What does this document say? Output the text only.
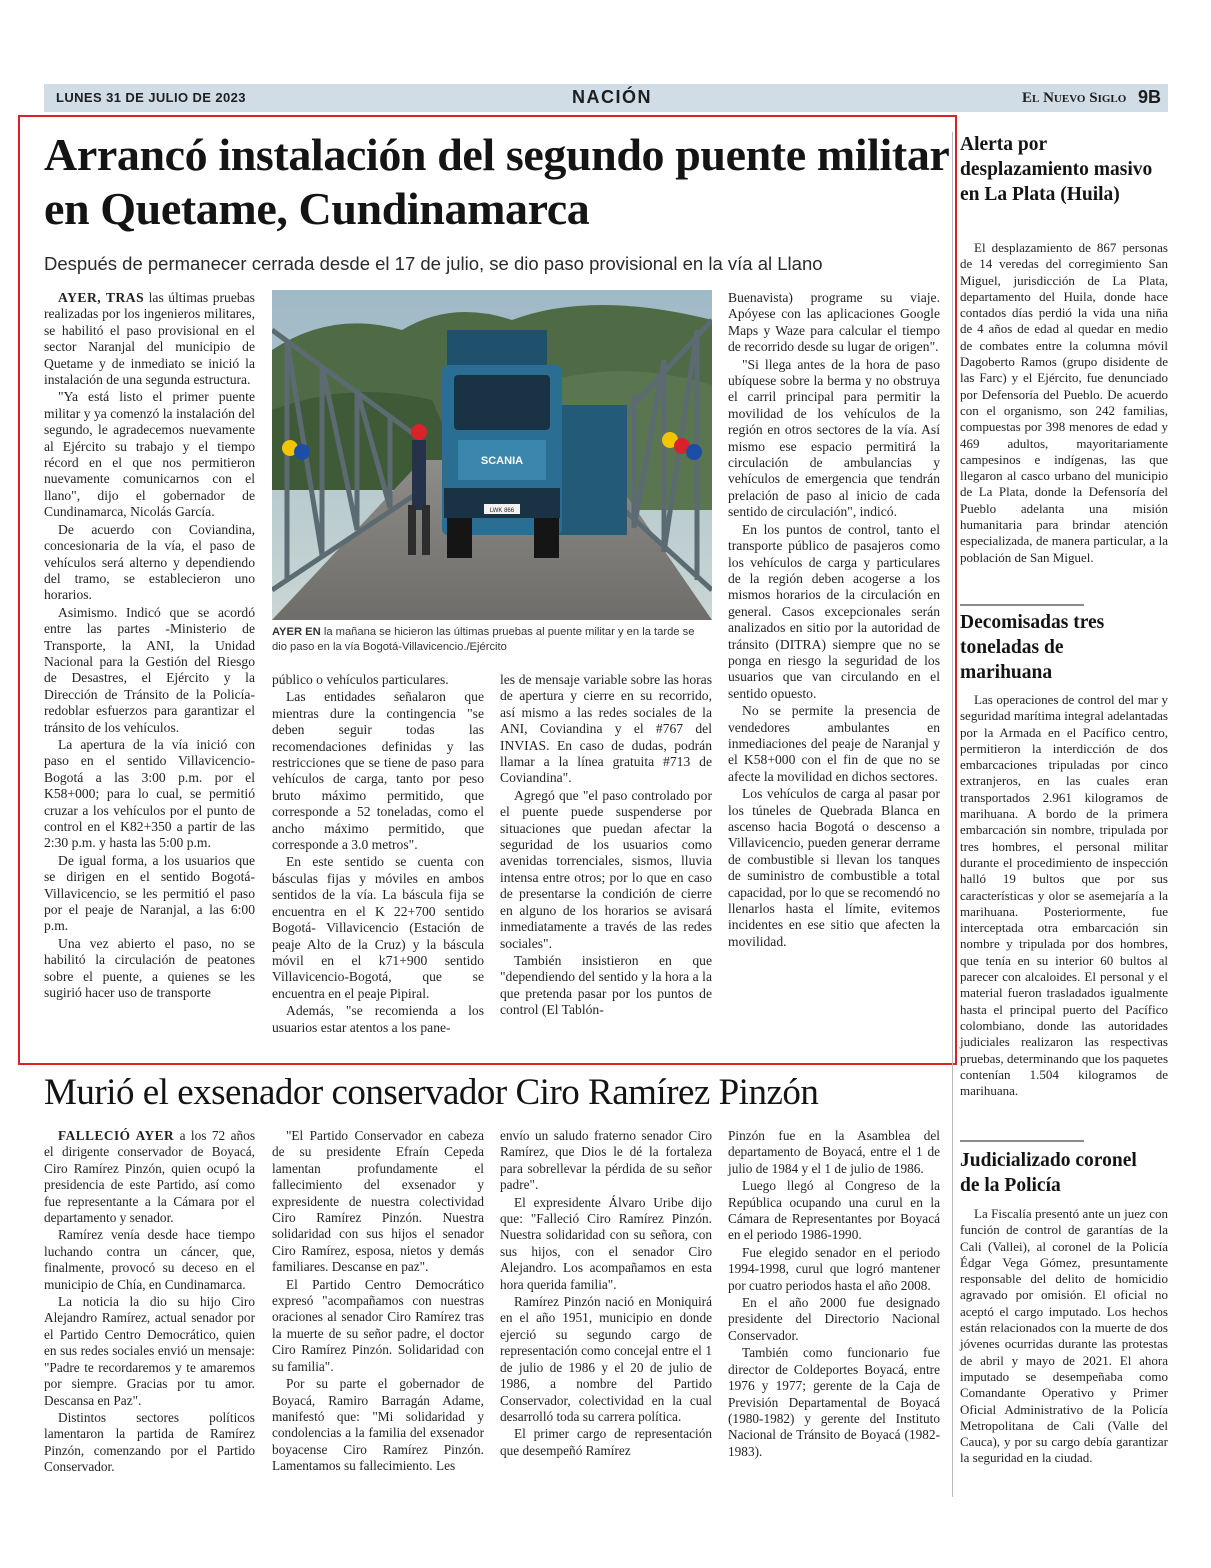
LUNES 31 DE JULIO DE 2023	NACIÓN	El Nuevo Siglo 9B
Arrancó instalación del segundo puente militar en Quetame, Cundinamarca
Después de permanecer cerrada desde el 17 de julio, se dio paso provisional en la vía al Llano

AYER, TRAS las últimas pruebas realizadas por los ingenieros militares, se habilitó el paso provisional en el sector Naranjal del municipio de Quetame y de inmediato se inició la instalación de una segunda estructura.

"Ya está listo el primer puente militar y ya comenzó la instalación del segundo, le agradecemos nuevamente al Ejército su trabajo y el tiempo récord en el que nos permitieron nuevamente comunicarnos con el llano", dijo el gobernador de Cundinamarca, Nicolás García.

De acuerdo con Coviandina, concesionaria de la vía, el paso de vehículos será alterno y dependiendo del tramo, se establecieron uno horarios.

Asimismo. Indicó que se acordó entre las partes -Ministerio de Transporte, la ANI, la Unidad Nacional para la Gestión del Riesgo de Desastres, el Ejército y la Dirección de Tránsito de la Policía- redoblar esfuerzos para garantizar el tránsito de los vehículos.

La apertura de la vía inició con paso en el sentido Villavicencio-Bogotá a las 3:00 p.m. por el K58+000; para lo cual, se permitió cruzar a los vehículos por el punto de control en el K82+350 a partir de las 2:30 p.m. y hasta las 5:00 p.m.

De igual forma, a los usuarios que se dirigen en el sentido Bogotá-Villavicencio, se les permitió el paso por el peaje de Naranjal, a las 6:00 p.m.

Una vez abierto el paso, no se habilitó la circulación de peatones sobre el puente, a quienes se les sugirió hacer uso de transporte

SCANIA
LWK 866
AYER EN la mañana se hicieron las últimas pruebas al puente militar y en la tarde se dio paso en la vía Bogotá-Villavicencio./Ejército

público o vehículos particulares.

Las entidades señalaron que mientras dure la contingencia "se deben seguir todas las recomendaciones definidas y las restricciones que se tiene de paso para vehículos de carga, tanto por peso bruto máximo permitido, que corresponde a 52 toneladas, como el ancho máximo permitido, que corresponde a 3.0 metros".

En este sentido se cuenta con básculas fijas y móviles en ambos sentidos de la vía. La báscula fija se encuentra en el K 22+700 sentido Bogotá- Villavicencio (Estación de peaje Alto de la Cruz) y la báscula móvil en el k71+900 sentido Villavicencio-Bogotá, que se encuentra en el peaje Pipiral.

Además, "se recomienda a los usuarios estar atentos a los pane-

les de mensaje variable sobre las horas de apertura y cierre en su recorrido, así mismo a las redes sociales de la ANI, Coviandina y el #767 del INVIAS. En caso de dudas, podrán llamar a la línea gratuita #713 de Coviandina".

Agregó que "el paso controlado por el puente puede suspenderse por situaciones que puedan afectar la seguridad de los usuarios como avenidas torrenciales, sismos, lluvia intensa entre otros; por lo que en caso de presentarse la condición de cierre en alguno de los horarios se avisará inmediatamente a través de las redes sociales".

También insistieron en que "dependiendo del sentido y la hora a la que pretenda pasar por los puntos de control (El Tablón-

Buenavista) programe su viaje. Apóyese con las aplicaciones Google Maps y Waze para calcular el tiempo de recorrido desde su lugar de origen".

"Si llega antes de la hora de paso ubíquese sobre la berma y no obstruya el carril principal para permitir la movilidad de los vehículos de la región en otros sectores de la vía. Así mismo ese espacio permitirá la circulación de ambulancias y vehículos de emergencia que tendrán prelación de paso al inicio de cada sentido de circulación", indicó.

En los puntos de control, tanto el transporte público de pasajeros como los vehículos de carga y particulares de la región deben acogerse a los mismos horarios de la circulación en general. Casos excepcionales serán analizados en sitio por la autoridad de tránsito (DITRA) siempre que no se ponga en riesgo la seguridad de los usuarios que van circulando en el sentido opuesto.

No se permite la presencia de vendedores ambulantes en inmediaciones del peaje de Naranjal y el K58+000 con el fin de que no se afecte la movilidad en dichos sectores.

Los vehículos de carga al pasar por los túneles de Quebrada Blanca en ascenso hacia Bogotá o descenso a Villavicencio, pueden generar derrame de combustible si llevan los tanques de suministro de combustible a total capacidad, por lo que se recomendó no llenarlos hasta el límite, evitemos incidentes en ese sitio que afecten la movilidad.

Murió el exsenador conservador Ciro Ramírez Pinzón

FALLECIÓ AYER a los 72 años el dirigente conservador de Boyacá, Ciro Ramírez Pinzón, quien ocupó la presidencia de este Partido, así como fue representante a la Cámara por el departamento y senador.

Ramírez venía desde hace tiempo luchando contra un cáncer, que, finalmente, provocó su deceso en el municipio de Chía, en Cundinamarca.

La noticia la dio su hijo Ciro Alejandro Ramírez, actual senador por el Partido Centro Democrático, quien en sus redes sociales envió un mensaje: "Padre te recordaremos y te amaremos por siempre. Gracias por tu amor. Descansa en Paz".

Distintos sectores políticos lamentaron la partida de Ramírez Pinzón, comenzando por el Partido Conservador.

"El Partido Conservador en cabeza de su presidente Efraín Cepeda lamentan profundamente el fallecimiento del exsenador y expresidente de nuestra colectividad Ciro Ramírez Pinzón. Nuestra solidaridad con sus hijos el senador Ciro Ramírez, esposa, nietos y demás familiares. Descanse en paz".

El Partido Centro Democrático expresó "acompañamos con nuestras oraciones al senador Ciro Ramírez tras la muerte de su señor padre, el doctor Ciro Ramírez Pinzón. Solidaridad con su familia".

Por su parte el gobernador de Boyacá, Ramiro Barragán Adame, manifestó que: "Mi solidaridad y condolencias a la familia del exsenador boyacense Ciro Ramírez Pinzón. Lamentamos su fallecimiento. Les

envío un saludo fraterno senador Ciro Ramírez, que Dios le dé la fortaleza para sobrellevar la pérdida de su señor padre".

El expresidente Álvaro Uribe dijo que: "Falleció Ciro Ramírez Pinzón. Nuestra solidaridad con su señora, con sus hijos, con el senador Ciro Alejandro. Los acompañamos en esta hora querida familia".

Ramírez Pinzón nació en Moniquirá en el año 1951, municipio en donde ejerció su segundo cargo de representación como concejal entre el 1 de julio de 1986 y el 20 de julio de 1986, a nombre del Partido Conservador, colectividad en la cual desarrolló toda su carrera política.

El primer cargo de representación que desempeñó Ramírez

Pinzón fue en la Asamblea del departamento de Boyacá, entre el 1 de julio de 1984 y el 1 de julio de 1986.

Luego llegó al Congreso de la República ocupando una curul en la Cámara de Representantes por Boyacá en el periodo 1986-1990.

Fue elegido senador en el periodo 1994-1998, curul que logró mantener por cuatro periodos hasta el año 2008.

En el año 2000 fue designado presidente del Directorio Nacional Conservador.

También como funcionario fue director de Coldeportes Boyacá, entre 1976 y 1977; gerente de la Caja de Previsión Departamental de Boyacá (1980-1982) y gerente del Instituto Nacional de Tránsito de Boyacá (1982-1983).

Alerta por desplazamiento masivo en La Plata (Huila)

El desplazamiento de 867 personas de 14 veredas del corregimiento San Miguel, jurisdicción de La Plata, departamento del Huila, donde hace contados días perdió la vida una niña de 4 años de edad al quedar en medio de combates entre la columna móvil Dagoberto Ramos (grupo disidente de las Farc) y el Ejército, fue denunciado por Defensoría del Pueblo. De acuerdo con el organismo, son 242 familias, compuestas por 398 menores de edad y 469 adultos, mayoritariamente campesinos e indígenas, las que llegaron al casco urbano del municipio de La Plata, donde la Defensoría del Pueblo adelanta una misión humanitaria para brindar atención especializada, de manera particular, a la población de San Miguel.

Decomisadas tres toneladas de marihuana

Las operaciones de control del mar y seguridad marítima integral adelantadas por la Armada en el Pacífico centro, permitieron la interdicción de dos embarcaciones tripuladas por cinco extranjeros, en las cuales eran transportados 2.961 kilogramos de marihuana. A bordo de la primera embarcación sin nombre, tripulada por tres hombres, el personal militar durante el procedimiento de inspección halló 19 bultos que por sus características y olor se asemejaría a la marihuana. Posteriormente, fue interceptada otra embarcación sin nombre y tripulada por dos hombres, que tenía en su interior 60 bultos al parecer con alcaloides. El personal y el material fueron trasladados igualmente hasta el principal puerto del Pacífico colombiano, donde las autoridades judiciales realizaron las respectivas pruebas, determinando que los paquetes contenían 1.504 kilogramos de marihuana.

Judicializado coronel de la Policía

La Fiscalía presentó ante un juez con función de control de garantías de la Cali (Vallei), al coronel de la Policía Édgar Vega Gómez, presuntamente responsable del delito de homicidio agravado por omisión. El oficial no aceptó el cargo imputado. Los hechos están relacionados con la muerte de dos jóvenes ocurridas durante las protestas de abril y mayo de 2021. El ahora imputado se desempeñaba como Comandante Operativo y Primer Oficial Administrativo de la Policía Metropolitana de Cali (Valle del Cauca), y por su cargo debía garantizar la seguridad en la ciudad.
